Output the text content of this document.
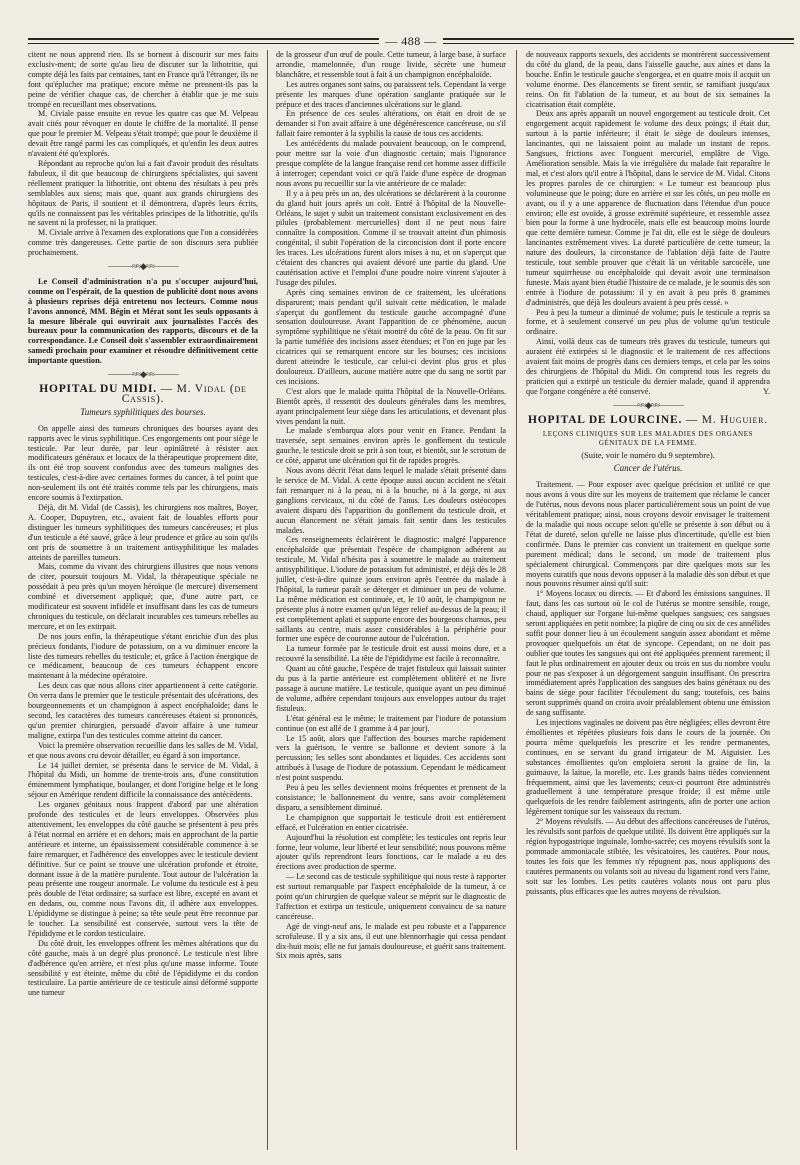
— 488 —

citent ne nous apprend rien. Ils se bornent à discourir sur mes faits exclusiv-ment; de sorte qu'au lieu de discuter sur la lithotritie, qui compte déjà les faits par centaines, tant en France qu'à l'étranger, ils ne font qu'éplucher ma pratique; encore même ne prennent-ils pas la peine de vérifier chaque cas, de chercher à établir que je me suis trompé en recueillant mes observations.

M. Civiale passe ensuite en revue les quatre cas que M. Velpeau avait cités pour révoquer en doute le chiffre de la mortalité. Il pense que pour le premier M. Velpeau s'était trompé; que pour le deuxième il devait être rangé parmi les cas compliqués, et qu'enfin les deux autres n'avaient été qu'explorés.

Répondant au reproche qu'on lui a fait d'avoir produit des résultats fabuleux, il dit que beaucoup de chirurgiens spécialistes, qui savent réellement pratiquer la lithotritie, ont obtenu des résultats à peu près semblables aux siens; mais que, quant aux grands chirurgiens des hôpitaux de Paris, il soutient et il démontrera, d'après leurs écrits, qu'ils ne connaissent pas les véritables principes de la lithotritie, qu'ils ne savent ni la professer, ni la pratiquer.

M. Civiale arrive à l'examen des explorations que l'on a considérées comme très dangereuses. Cette partie de son discours sera publiée prochainement.

———≈≈◆≈≈———

Le Conseil d'administration n'a pu s'occuper aujourd'hui, comme on l'espérait, de la question de publicité dont nous avons à plusieurs reprises déjà entretenu nos lecteurs. Comme nous l'avons annoncé, MM. Bégin et Mérat sont les seuls opposants à la mesure libérale qui ouvrirait aux journalistes l'accès des bureaux pour la communication des rapports, discours et de la correspondance. Le Conseil doit s'assembler extraordinairement samedi prochain pour examiner et résoudre définitivement cette importante question.

———≈≈◆≈≈———
HOPITAL DU MIDI. — M. Vidal (de Cassis).
Tumeurs syphilitiques des bourses.

On appelle ainsi des tumeurs chroniques des bourses ayant des rapports avec le virus syphilitique. Ces engorgements ont pour siège le testicule. Par leur durée, par leur opiniâtreté à résister aux modificateurs généraux et locaux de la thérapeutique proprement dite, ils ont été trop souvent confondus avec des tumeurs malignes des testicules, c'est-à-dire avec certaines formes du cancer, à tel point que non-seulement ils ont été traités comme tels par les chirurgiens, mais encore soumis à l'extirpation.

Déjà, dit M. Vidal (de Cassis), les chirurgiens nos maîtres, Boyer, A. Cooper, Dupuytren, etc., avaient fait de louables efforts pour distinguer les tumeurs syphilitiques des tumeurs cancéreuses; et plus d'un testicule a été sauvé, grâce à leur prudence et grâce au soin qu'ils ont pris de soumettre à un traitement antisyphilitique les malades atteints de pareilles tumeurs.

Mais, comme du vivant des chirurgiens illustres que nous venons de citer, poursuit toujours M. Vidal, la thérapeutique spéciale ne possédait à peu près qu'un moyen héroïque (le mercure) diversement combiné et diversement appliqué; que, d'une autre part, ce modificateur est souvent infidèle et insuffisant dans les cas de tumeurs chroniques du testicule, on déclarait incurables ces tumeurs rebelles au mercure, et on les extirpait.

De nos jours enfin, la thérapeutique s'étant enrichie d'un des plus précieux fondants, l'iodure de potassium, on a vu diminuer encore la liste des tumeurs rebelles du testicule; et, grâce à l'action énergique de ce médicament, beaucoup de ces tumeurs échappent encore maintenant à la médecine opératoire.

Les deux cas que nous allons citer appartiennent à cette catégorie. On verra dans le premier que le testicule présentait des ulcérations, des bourgeonnements et un champignon à aspect encéphaloïde; dans le second, les caractères des tumeurs cancéreuses étaient si prononcés, qu'un premier chirurgien, persuadé d'avoir affaire à une tumeur maligne, extirpa l'un des testicules comme atteint du cancer.

Voici la première observation recueillie dans les salles de M. Vidal, et que nous avons cru devoir détailler, eu égard à son importance.

Le 14 juillet dernier, se présenta dans le service de M. Vidal, à l'hôpital du Midi, un homme de trente-trois ans, d'une constitution éminemment lymphatique, boulanger, et dont l'origine belge et le long séjour en Amérique rendent difficile la connaissance des antécédents.

Les organes génitaux nous frappent d'abord par une altération profonde des testicules et de leurs enveloppes. Observées plus attentivement, les enveloppes du côté gauche se présentent à peu près à l'état normal en arrière et en dehors; mais en approchant de la partie antérieure et interne, un épaississement considérable commence à se faire remarquer, et l'adhérence des enveloppes avec le testicule devient définitive. Sur ce point se trouve une ulcération profonde et étroite, donnant issue à de la matière purulente. Tout autour de l'ulcération la peau présente une rougeur anormale. Le volume du testicule est à peu près double de l'état ordinaire; sa surface est libre, excepté en avant et en dedans, ou, comme nous l'avons dit, il adhère aux enveloppes. L'épididyme se distingue à peine; sa tête seule peut être reconnue par le toucher. La sensibilité est conservée, surtout vers la tête de l'épididyme et le cordon testiculaire.

Du côté droit, les enveloppes offrent les mêmes altérations que du côté gauche, mais à un degré plus prononcé. Le testicule n'est libre d'adhérence qu'en arrière, et n'est plus qu'une masse informe. Toute sensibilité y est éteinte, même du côté de l'épididyme et du cordon testiculaire. La partie antérieure de ce testicule ainsi déformé supporte une tumeur

de la grosseur d'un œuf de poule. Cette tumeur, à large base, à surface arrondie, mamelonnée, d'un rouge livide, sécrète une humeur blanchâtre, et ressemble tout à fait à un champignon encéphaloïde.

Les autres organes sont sains, ou paraissent tels. Cependant la verge présente les marques d'une opération sanglante pratiquée sur le prépuce et des traces d'anciennes ulcérations sur le gland.

En présence de ces seules altérations, on était en droit de se demander si l'on avait affaire à une dégénérescence cancéreuse, ou s'il fallait faire remonter à la syphilis la cause de tous ces accidents.

Les antécédents du malade pouvaient beaucoup, on le comprend, pour mettre sur la voie d'un diagnostic certain; mais l'ignorance presque complète de la langue française rend cet homme assez difficile à interroger; cependant voici ce qu'à l'aide d'une espèce de drogman nous avons pu recueillir sur la vie antérieure de ce malade:

Il y a à peu près un an, des ulcérations se déclarèrent à la couronne du gland huit jours après un coït. Entré à l'hôpital de la Nouvelle-Orléans, le sujet y subit un traitement consistant exclusivement en des pilules (probablement mercurielles) dont il ne peut nous faire connaître la composition. Comme il se trouvait atteint d'un phimosis congénital, il subit l'opération de la circoncision dont il porte encore les traces. Les ulcérations furent alors mises à nu, et on s'aperçut que c'étaient des chancres qui avaient dévoré une partie du gland. Une cautérisation active et l'emploi d'une poudre noire vinrent s'ajouter à l'usage des pilules.

Après cinq semaines environ de ce traitement, les ulcérations disparurent; mais pendant qu'il suivait cette médication, le malade s'aperçut du gonflement du testicule gauche accompagné d'une sensation douloureuse. Avant l'apparition de ce phénomène, aucun symptôme syphilitique ne s'était montré du côté de la peau. On fit sur la partie tuméfiée des incisions assez étendues; et l'on en juge par les cicatrices qui se remarquent encore sur les bourses; ces incisions durent atteindre le testicule, car celui-ci devint plus gros et plus douloureux. D'ailleurs, aucune matière autre que du sang ne sortit par ces incisions.

C'est alors que le malade quitta l'hôpital de la Nouvelle-Orléans. Bientôt après, il ressentit des douleurs générales dans les membres, ayant principalement leur siège dans les articulations, et devenant plus vives pendant la nuit.

Le malade s'embarqua alors pour venir en France. Pendant la traversée, sept semaines environ après le gonflement du testicule gauche, le testicule droit se prit à son tour, et bientôt, sur le scrotum de ce côté, apparut une ulcération qui fit de rapides progrès.

Nous avons décrit l'état dans lequel le malade s'était présenté dans le service de M. Vidal. A cette époque aussi aucun accident ne s'était fait remarquer ni à la peau, ni à la bouche, ni à la gorge, ni aux ganglions cervicaux, ni du côté de l'anus. Les douleurs ostéocopes avaient disparu dès l'apparition du gonflement du testicule droit, et aucun élancement ne s'était jamais fait sentir dans les testicules malades.

Ces renseignements éclairèrent le diagnostic: malgré l'apparence encéphaloïde que présentait l'espèce de champignon adhérent au testicule, M. Vidal n'hésita pas à soumettre le malade au traitement antisyphilitique. L'iodure de potassium fut administré, et déjà dès le 28 juillet, c'est-à-dire quinze jours environ après l'entrée du malade à l'hôpital, la tumeur paraît se déterger et diminuer un peu de volume. La même médication est continuée, et, le 10 août, le champignon ne présente plus à notre examen qu'un léger relief au-dessus de la peau; il est complètement aplati et supporte encore des bourgeons charnus, peu saillants au centre, mais assez considérables à la périphérie pour former une espèce de couronne autour de l'ulcération.

La tumeur formée par le testicule droit est aussi moins dure, et a recouvré la sensibilité. La tête de l'épididyme est facile à reconnaître.

Quant au côté gauche, l'espèce de trajet fistuleux qui laissait suinter du pus à la partie antérieure est complètement oblitéré et ne livre passage à aucune matière. Le testicule, quoique ayant un peu diminué de volume, adhère cependant toujours aux enveloppes autour du trajet fistuleux.

L'état général est le même; le traitement par l'iodure de potassium continue (on est allé de 1 gramme à 4 par jour).

Le 15 août, alors que l'affection des bourses marche rapidement vers la guérison, le ventre se ballonne et devient sonore à la percussion; les selles sont abondantes et liquides. Ces accidents sont attribués à l'usage de l'iodure de potassium. Cependant le médicament n'est point suspendu.

Peu à peu les selles deviennent moins fréquentes et prennent de la consistance; le ballonnement du ventre, sans avoir complètement disparu, a sensiblement diminué.

Le champignon que supportait le testicule droit est entièrement effacé, et l'ulcération en entier cicatrisée.

Aujourd'hui la résolution est complète; les testicules ont repris leur forme, leur volume, leur liberté et leur sensibilité; nous pouvons même ajouter qu'ils reprendront leurs fonctions, car le malade a eu des érections avec production de sperme.

— Le second cas de testicule syphilitique qui nous reste à rapporter est surtout remarquable par l'aspect encéphaloïde de la tumeur, à ce point qu'un chirurgien de quelque valeur se méprit sur le diagnostic de l'affection et extirpa un testicule, uniquement convaincu de sa nature cancéreuse.

Agé de vingt-neuf ans, le malade est peu robuste et a l'apparence scrofuleuse. Il y a six ans, il eut une blennorrhagie qui cessa pendant dix-huit mois; elle ne fut jamais douloureuse, et guérit sans traitement. Six mois après, sans

de nouveaux rapports sexuels, des accidents se montrèrent successivement du côté du gland, de la peau, dans l'aisselle gauche, aux aines et dans la bouche. Enfin le testicule gauche s'engorgea, et en quatre mois il acquit un volume énorme. Des élancements se firent sentir, se ramifiant jusqu'aux reins. On fit l'ablation de la tumeur, et au bout de six semaines la cicatrisation était complète.

Deux ans après apparaît un nouvel engorgement au testicule droit. Cet engorgement acquit rapidement le volume des deux poings; il était dur, surtout à la partie inférieure; il était le siège de douleurs intenses, lancinantes, qui ne laissaient point au malade un instant de repos. Sangsues, frictions avec l'onguent mercuriel, emplâtre de Vigo. Amélioration sensible. Mais la vie irrégulière du malade fait reparaître le mal, et c'est alors qu'il entre à l'hôpital, dans le service de M. Vidal. Citons les propres paroles de ce chirurgien: « Le tumeur est beaucoup plus volumineuse que le poing; dure en arrière et sur les côtés, un peu molle en avant, ou il y a une apparence de fluctuation dans l'étendue d'un pouce environ; elle est ovoïde, à grosse extrémité supérieure, et ressemble assez bien pour la forme à une hydrocèle, mais elle est beaucoup moins lourde que cette dernière tumeur. Comme je l'ai dit, elle est le siège de douleurs lancinantes extrêmement vives. La dureté particulière de cette tumeur, la nature des douleurs, la circonstance de l'ablation déjà faite de l'autre testicule, tout semble prouver que c'était là un véritable sarcocèle, une tumeur squirrheuse ou encéphaloïde qui devait avoir une terminaison funeste. Mais ayant bien étudié l'histoire de ce malade, je le soumis dès son entrée à l'iodure de potassium: il y en avait à peu près 8 grammes d'administrés, que déjà les douleurs avaient à peu près cessé. »

Peu à peu la tumeur a diminué de volume; puis le testicule a repris sa forme, et à seulement conservé un peu plus de volume qu'un testicule ordinaire.

Ainsi, voilà deux cas de tumeurs très graves du testicule, tumeurs qui auraient été extirpées si le diagnostic et le traitement de ces affections avaient fait moins de progrès dans ces derniers temps, et cela par les soins des chirurgiens de l'hôpital du Midi. On comprend tous les regrets du praticien qui a extirpé un testicule du dernier malade, quand il apprendra que l'organe congénère a été conservé.	Y.

———≈≈◆≈≈———
HOPITAL DE LOURCINE. — M. Huguier.
LEÇONS CLINIQUES SUR LES MALADIES DES ORGANES GÉNITAUX DE LA FEMME.
(Suite, voir le numéro du 9 septembre).
Cancer de l'utérus.

Traitement. — Pour exposer avec quelque précision et utilité ce que nous avons à vous dire sur les moyens de traitement que réclame le cancer de l'utérus, nous devons nous placer particulièrement sous un point de vue véritablement pratique; ainsi, nous croyons devoir envisager le traitement de la maladie qui nous occupe selon qu'elle se présente à son début ou à l'état de dureté, selon qu'elle ne laisse plus d'incertitude, qu'elle est bien confirmée. Dans le premier cas convient un traitement en quelque sorte purement médical; dans le second, un mode de traitement plus spécialement chirurgical. Commençons par dire quelques mots sur les moyens curatifs que nous devons opposer à la maladie dès son début et que nous pouvons résumer ainsi qu'il suit:

1° Moyens locaux ou directs. — Et d'abord les émissions sanguines. Il faut, dans les cas surtout où le col de l'utérus se montre sensible, rouge, chaud, appliquer sur l'organe lui-même quelques sangsues; ces sangsues seront appliquées en petit nombre; la piqûre de cinq ou six de ces annélides suffit pour donner lieu à un écoulement sanguin assez abondant et même provoquer quelquefois un état de syncope. Cependant, on ne doit pas oublier que toutes les sangsues qui ont été appliquées prennent rarement; il faut le plus ordinairement en ajouter deux ou trois en sus du nombre voulu pour ne pas s'exposer à un dégorgement sanguin insuffisant. On prescrira immédiatement après l'application des sangsues des bains généraux ou des bains de siège pour faciliter l'écoulement du sang; toutefois, ces bains seront supprimés quand on croira avoir préalablement obtenu une émission de sang suffisante.

Les injections vaginales ne doivent pas être négligées; elles devront être émollientes et répétées plusieurs fois dans le cours de la journée. On pourra même quelquefois les prescrire et les rendre permanentes, continues, en se servant du grand irrigateur de M. Aiguisier. Les substances émollientes qu'on emploiera seront la graine de lin, la guimauve, la laitue, la morelle, etc. Les grands bains tièdes conviennent fréquemment, ainsi que les lavements; ceux-ci pourront être administrés graduellement à une température presque froide; il est même utile quelquefois de les rendre faiblement astringents, afin de porter une action légèrement tonique sur les vaisseaux du rectum.

2° Moyens révulsifs. — Au début des affections cancéreuses de l'utérus, les révulsifs sont parfois de quelque utilité. Ils doivent être appliqués sur la région hypogastrique inguinale, lombo-sacrée; ces moyens révulsifs sont la pommade ammoniacale stibiée, les vésicatoires, les cautères. Pour nous, toutes les fois que les femmes n'y répugnent pas, nous appliquons des cautères permanents ou volants soit au niveau du ligament rond vers l'aine, soit sur les lombes. Les petits cautères volants nous ont paru plus puissants, plus efficaces que les autres moyens de révulsion.
